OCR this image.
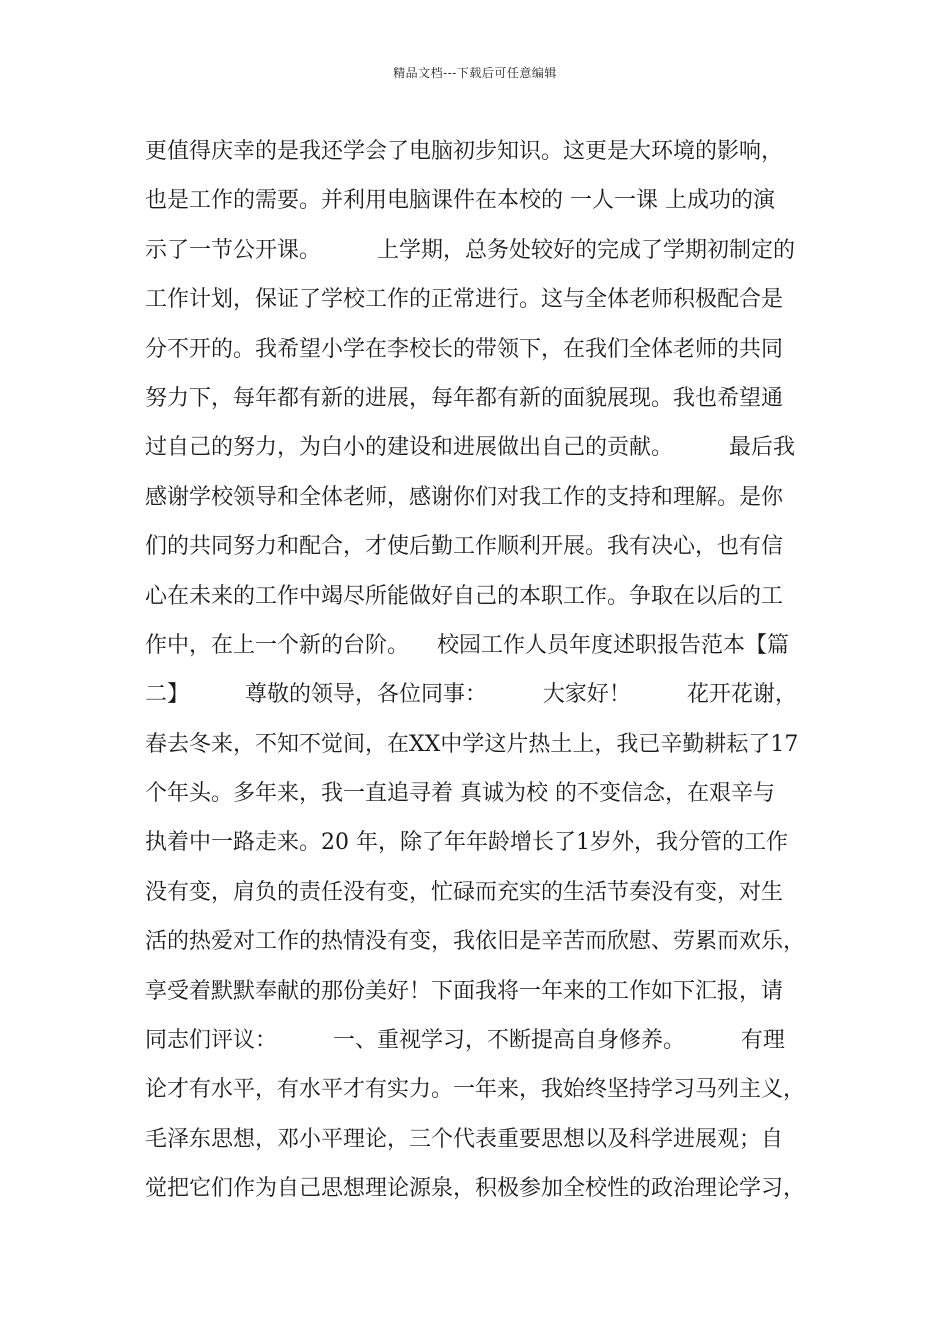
精品文档---下载后可任意编辑
更值得庆幸的是我还学会了电脑初步知识。这更是大环境的影响，
也是工作的需要。并利用电脑课件在本校的 一人一课 上成功的演
示了一节公开课。        上学期，总务处较好的完成了学期初制定的
工作计划，保证了学校工作的正常进行。这与全体老师积极配合是
分不开的。我希望小学在李校长的带领下，在我们全体老师的共同
努力下，每年都有新的进展，每年都有新的面貌展现。我也希望通
过自己的努力，为白小的建设和进展做出自己的贡献。        最后我
感谢学校领导和全体老师，感谢你们对我工作的支持和理解。是你
们的共同努力和配合，才使后勤工作顺利开展。我有决心，也有信
心在未来的工作中竭尽所能做好自己的本职工作。争取在以后的工
作中，在上一个新的台阶。    校园工作人员年度述职报告范本【篇
二】        尊敬的领导，各位同事：        大家好！        花开花谢，
春去冬来，不知不觉间，在XX中学这片热土上，我已辛勤耕耘了17
个年头。多年来，我一直追寻着 真诚为校 的不变信念，在艰辛与
执着中一路走来。20 年，除了年年龄增长了1岁外，我分管的工作
没有变，肩负的责任没有变，忙碌而充实的生活节奏没有变，对生
活的热爱对工作的热情没有变，我依旧是辛苦而欣慰、劳累而欢乐，
享受着默默奉献的那份美好！下面我将一年来的工作如下汇报，请
同志们评议：        一、重视学习，不断提高自身修养。        有理
论才有水平，有水平才有实力。一年来，我始终坚持学习马列主义，
毛泽东思想，邓小平理论，三个代表重要思想以及科学进展观；自
觉把它们作为自己思想理论源泉，积极参加全校性的政治理论学习，
